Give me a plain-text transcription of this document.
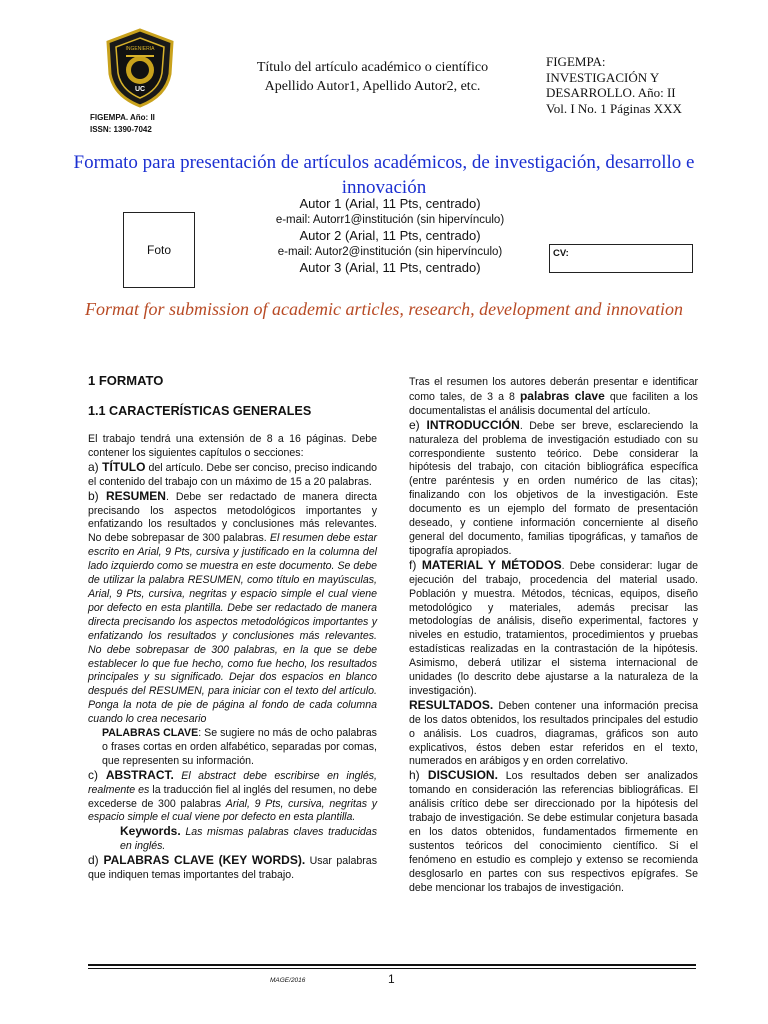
INGENIERIA
UC
FIGEMPA. Año: II
ISSN: 1390-7042
Título del artículo académico o científico
Apellido Autor1, Apellido Autor2, etc.
FIGEMPA:
INVESTIGACIÓN Y
DESARROLLO. Año: II
Vol. I No. 1 Páginas XXX
Formato para presentación de artículos académicos, de investigación, desarrollo e innovación
Foto
Autor 1 (Arial, 11 Pts, centrado)
e-mail: Autorr1@institución (sin hipervínculo)
Autor 2 (Arial, 11 Pts, centrado)
e-mail: Autor2@institución (sin hipervínculo)
Autor 3 (Arial, 11 Pts, centrado)
CV:
Format for submission of academic articles, research, development and innovation
1 FORMATO
1.1 CARACTERÍSTICAS GENERALES

El trabajo tendrá una extensión de 8 a 16 páginas. Debe contener los siguientes capítulos o secciones:

a) TÍTULO del artículo. Debe ser conciso, preciso indicando el contenido del trabajo con un máximo de 15 a 20 palabras.

b) RESUMEN. Debe ser redactado de manera directa precisando los aspectos metodológicos importantes y enfatizando los resultados y conclusiones más relevantes. No debe sobrepasar de 300 palabras. El resumen debe estar escrito en Arial, 9 Pts, cursiva y justificado en la columna del lado izquierdo como se muestra en este documento. Se debe de utilizar la palabra RESUMEN, como título en mayúsculas, Arial, 9 Pts, cursiva, negritas y espacio simple el cual viene por defecto en esta plantilla. Debe ser redactado de manera directa precisando los aspectos metodológicos importantes y enfatizando los resultados y conclusiones más relevantes. No debe sobrepasar de 300 palabras, en la que se debe establecer lo que fue hecho, como fue hecho, los resultados principales y su significado. Dejar dos espacios en blanco después del RESUMEN, para iniciar con el texto del artículo. Ponga la nota de pie de página al fondo de cada columna cuando lo crea necesario

PALABRAS CLAVE: Se sugiere no más de ocho palabras o frases cortas en orden alfabético, separadas por comas, que representen su información.

c) ABSTRACT. El abstract debe escribirse en inglés, realmente es la traducción fiel al inglés del resumen, no debe excederse de 300 palabras Arial, 9 Pts, cursiva, negritas y espacio simple el cual viene por defecto en esta plantilla.

Keywords. Las mismas palabras claves traducidas en inglés.

d) PALABRAS CLAVE (KEY WORDS). Usar palabras que indiquen temas importantes del trabajo.

Tras el resumen los autores deberán presentar e identificar como tales, de 3 a 8 palabras clave que faciliten a los documentalistas el análisis documental del artículo.

e) INTRODUCCIÓN. Debe ser breve, esclareciendo la naturaleza del problema de investigación estudiado con su correspondiente sustento teórico. Debe considerar la hipótesis del trabajo, con citación bibliográfica específica (entre paréntesis y en orden numérico de las citas); finalizando con los objetivos de la investigación. Este documento es un ejemplo del formato de presentación deseado, y contiene información concerniente al diseño general del documento, familias tipográficas, y tamaños de tipografía apropiados.

f) MATERIAL Y MÉTODOS. Debe considerar: lugar de ejecución del trabajo, procedencia del material usado. Población y muestra. Métodos, técnicas, equipos, diseño metodológico y materiales, además precisar las metodologías de análisis, diseño experimental, factores y niveles en estudio, tratamientos, procedimientos y pruebas estadísticas realizadas en la contrastación de la hipótesis. Asimismo, deberá utilizar el sistema internacional de unidades (lo descrito debe ajustarse a la naturaleza de la investigación).

RESULTADOS. Deben contener una información precisa de los datos obtenidos, los resultados principales del estudio o análisis. Los cuadros, diagramas, gráficos son auto explicativos, éstos deben estar referidos en el texto, numerados en arábigos y en orden correlativo.

h) DISCUSION. Los resultados deben ser analizados tomando en consideración las referencias bibliográficas. El análisis crítico debe ser direccionado por la hipótesis del trabajo de investigación. Se debe estimular conjetura basada en los datos obtenidos, fundamentados firmemente en sustentos teóricos del conocimiento científico. Si el fenómeno en estudio es complejo y extenso se recomienda desglosarlo en partes con sus respectivos epígrafes. Se debe mencionar los trabajos de investigación.

MAGE/2016	1
